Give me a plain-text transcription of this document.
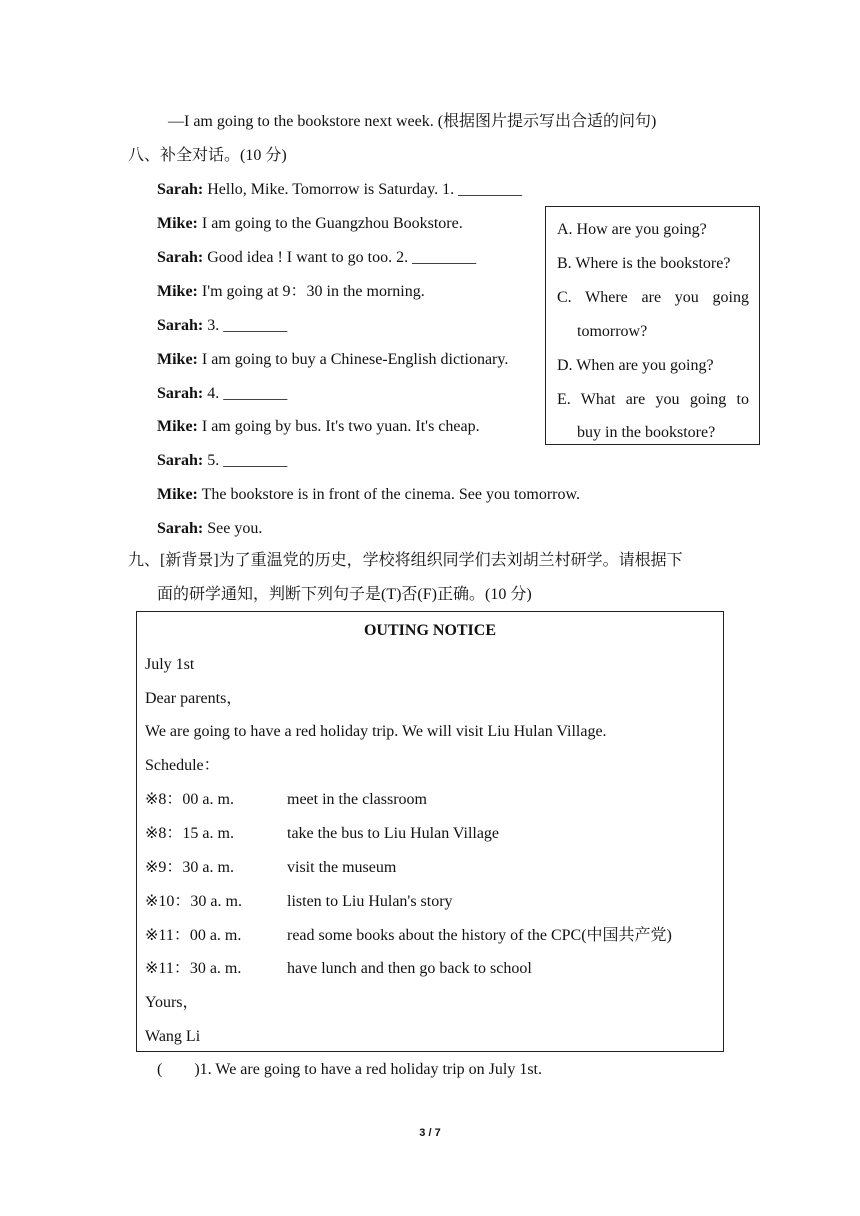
—I am going to the bookstore next week. (根据图片提示写出合适的问句)
八、补全对话。(10 分)
Sarah: Hello, Mike. Tomorrow is Saturday. 1. ________
Mike: I am going to the Guangzhou Bookstore.
Sarah: Good idea ! I want to go too. 2. ________
Mike: I'm going at 9：30 in the morning.
Sarah: 3. ________
Mike: I am going to buy a Chinese-English dictionary.
Sarah: 4. ________
Mike: I am going by bus. It's two yuan. It's cheap.
Sarah: 5. ________
Mike: The bookstore is in front of the cinema. See you tomorrow.
Sarah: See you.
A. How are you going?
B. Where is the bookstore?
C. Where are you going
tomorrow?
D. When are you going?
E. What are you going to
buy in the bookstore?
九、[新背景]为了重温党的历史，学校将组织同学们去刘胡兰村研学。请根据下
面的研学通知，判断下列句子是(T)否(F)正确。(10 分)
OUTING NOTICE
July 1st
Dear parents，
We are going to have a red holiday trip. We will visit Liu Hulan Village.
Schedule：
※8：00 a. m.	meet in the classroom
※8：15 a. m.	take the bus to Liu Hulan Village
※9：30 a. m.	visit the museum
※10：30 a. m.	listen to Liu Hulan's story
※11：00 a. m.	read some books about the history of the CPC(中国共产党)
※11：30 a. m.	have lunch and then go back to school
Yours，
Wang Li
(        )1. We are going to have a red holiday trip on July 1st.
3 / 7
